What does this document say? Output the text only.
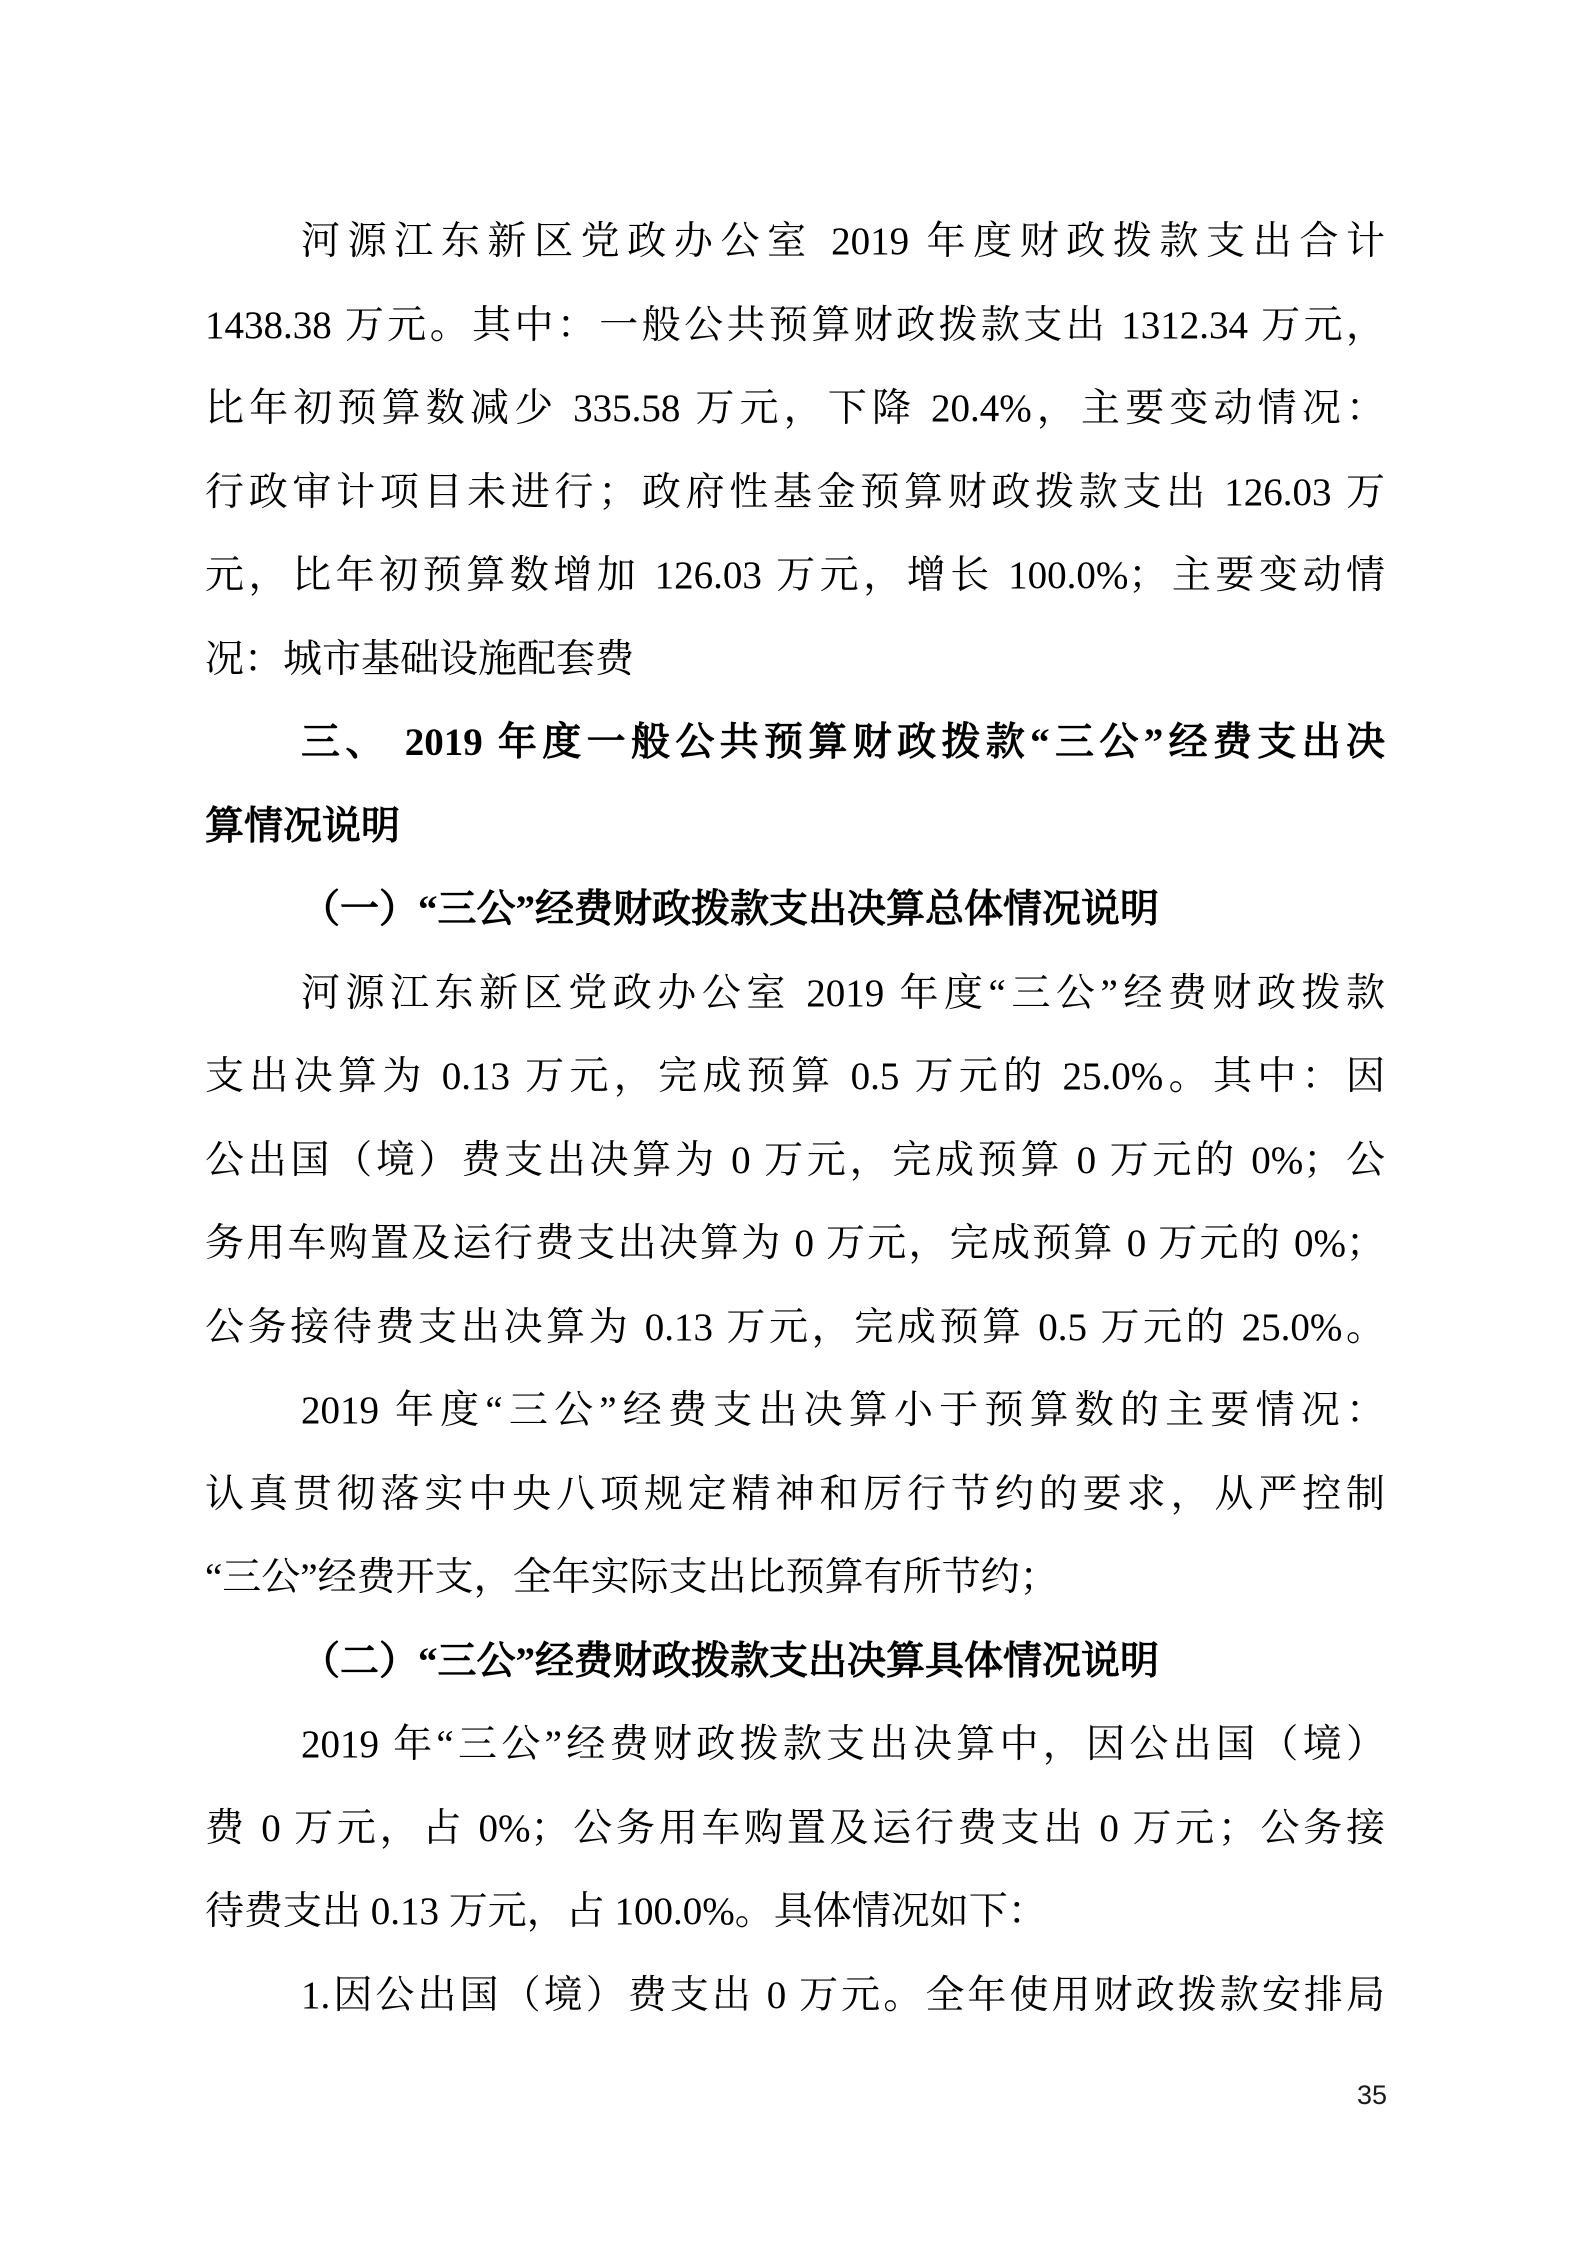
河源江东新区党政办公室 2019 年度财政拨款支出合计
1438.38 万元。其中：一般公共预算财政拨款支出 1312.34 万元，
比年初预算数减少 335.58 万元，下降 20.4%，主要变动情况：
行政审计项目未进行；政府性基金预算财政拨款支出 126.03 万
元，比年初预算数增加 126.03 万元，增长 100.0%；主要变动情
况：城市基础设施配套费
三、 2019 年度一般公共预算财政拨款“三公”经费支出决
算情况说明
（一）“三公”经费财政拨款支出决算总体情况说明
河源江东新区党政办公室 2019 年度“三公”经费财政拨款
支出决算为 0.13 万元，完成预算 0.5 万元的 25.0%。其中：因
公出国（境）费支出决算为 0 万元，完成预算 0 万元的 0%；公
务用车购置及运行费支出决算为 0 万元，完成预算 0 万元的 0%；
公务接待费支出决算为 0.13 万元，完成预算 0.5 万元的 25.0%。
2019 年度“三公”经费支出决算小于预算数的主要情况：
认真贯彻落实中央八项规定精神和厉行节约的要求，从严控制
“三公”经费开支，全年实际支出比预算有所节约；
（二）“三公”经费财政拨款支出决算具体情况说明
2019 年“三公”经费财政拨款支出决算中，因公出国（境）
费 0 万元，占 0%；公务用车购置及运行费支出 0 万元；公务接
待费支出 0.13 万元，占 100.0%。具体情况如下：
1.因公出国（境）费支出 0 万元。全年使用财政拨款安排局
35
